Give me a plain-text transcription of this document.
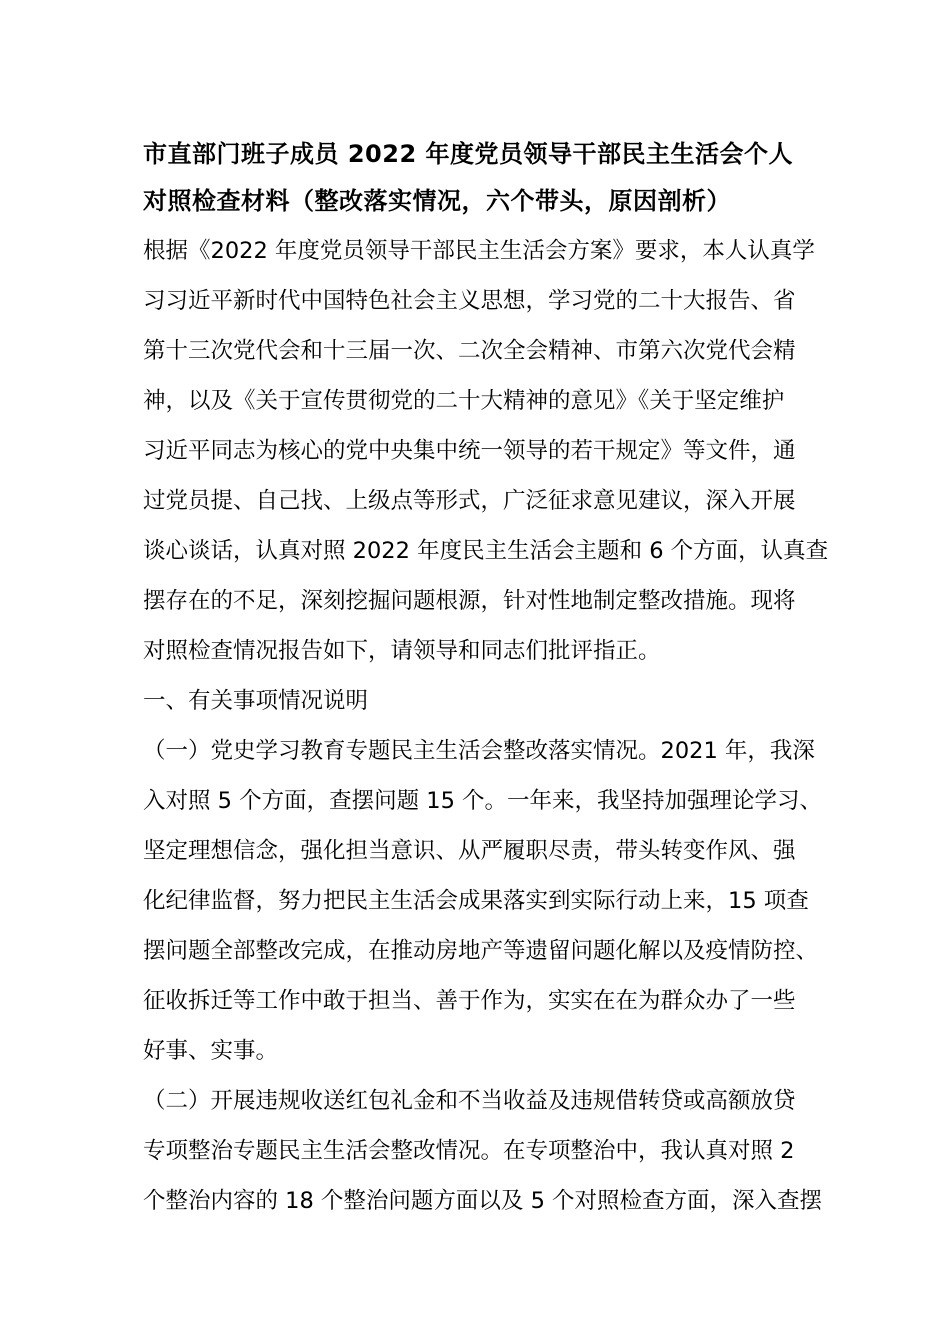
市直部门班子成员 2022 年度党员领导干部民主生活会个人
对照检查材料（整改落实情况，六个带头，原因剖析）
根据《2022 年度党员领导干部民主生活会方案》要求，本人认真学
习习近平新时代中国特色社会主义思想，学习党的二十大报告、省
第十三次党代会和十三届一次、二次全会精神、市第六次党代会精
神，以及《关于宣传贯彻党的二十大精神的意见》《关于坚定维护
习近平同志为核心的党中央集中统一领导的若干规定》等文件，通
过党员提、自己找、上级点等形式，广泛征求意见建议，深入开展
谈心谈话，认真对照 2022 年度民主生活会主题和 6 个方面，认真查
摆存在的不足，深刻挖掘问题根源，针对性地制定整改措施。现将
对照检查情况报告如下，请领导和同志们批评指正。
一、有关事项情况说明
（一）党史学习教育专题民主生活会整改落实情况。2021 年，我深
入对照 5 个方面，查摆问题 15 个。一年来，我坚持加强理论学习、
坚定理想信念，强化担当意识、从严履职尽责，带头转变作风、强
化纪律监督，努力把民主生活会成果落实到实际行动上来，15 项查
摆问题全部整改完成，在推动房地产等遗留问题化解以及疫情防控、
征收拆迁等工作中敢于担当、善于作为，实实在在为群众办了一些
好事、实事。
（二）开展违规收送红包礼金和不当收益及违规借转贷或高额放贷
专项整治专题民主生活会整改情况。在专项整治中，我认真对照 2
个整治内容的 18 个整治问题方面以及 5 个对照检查方面，深入查摆
